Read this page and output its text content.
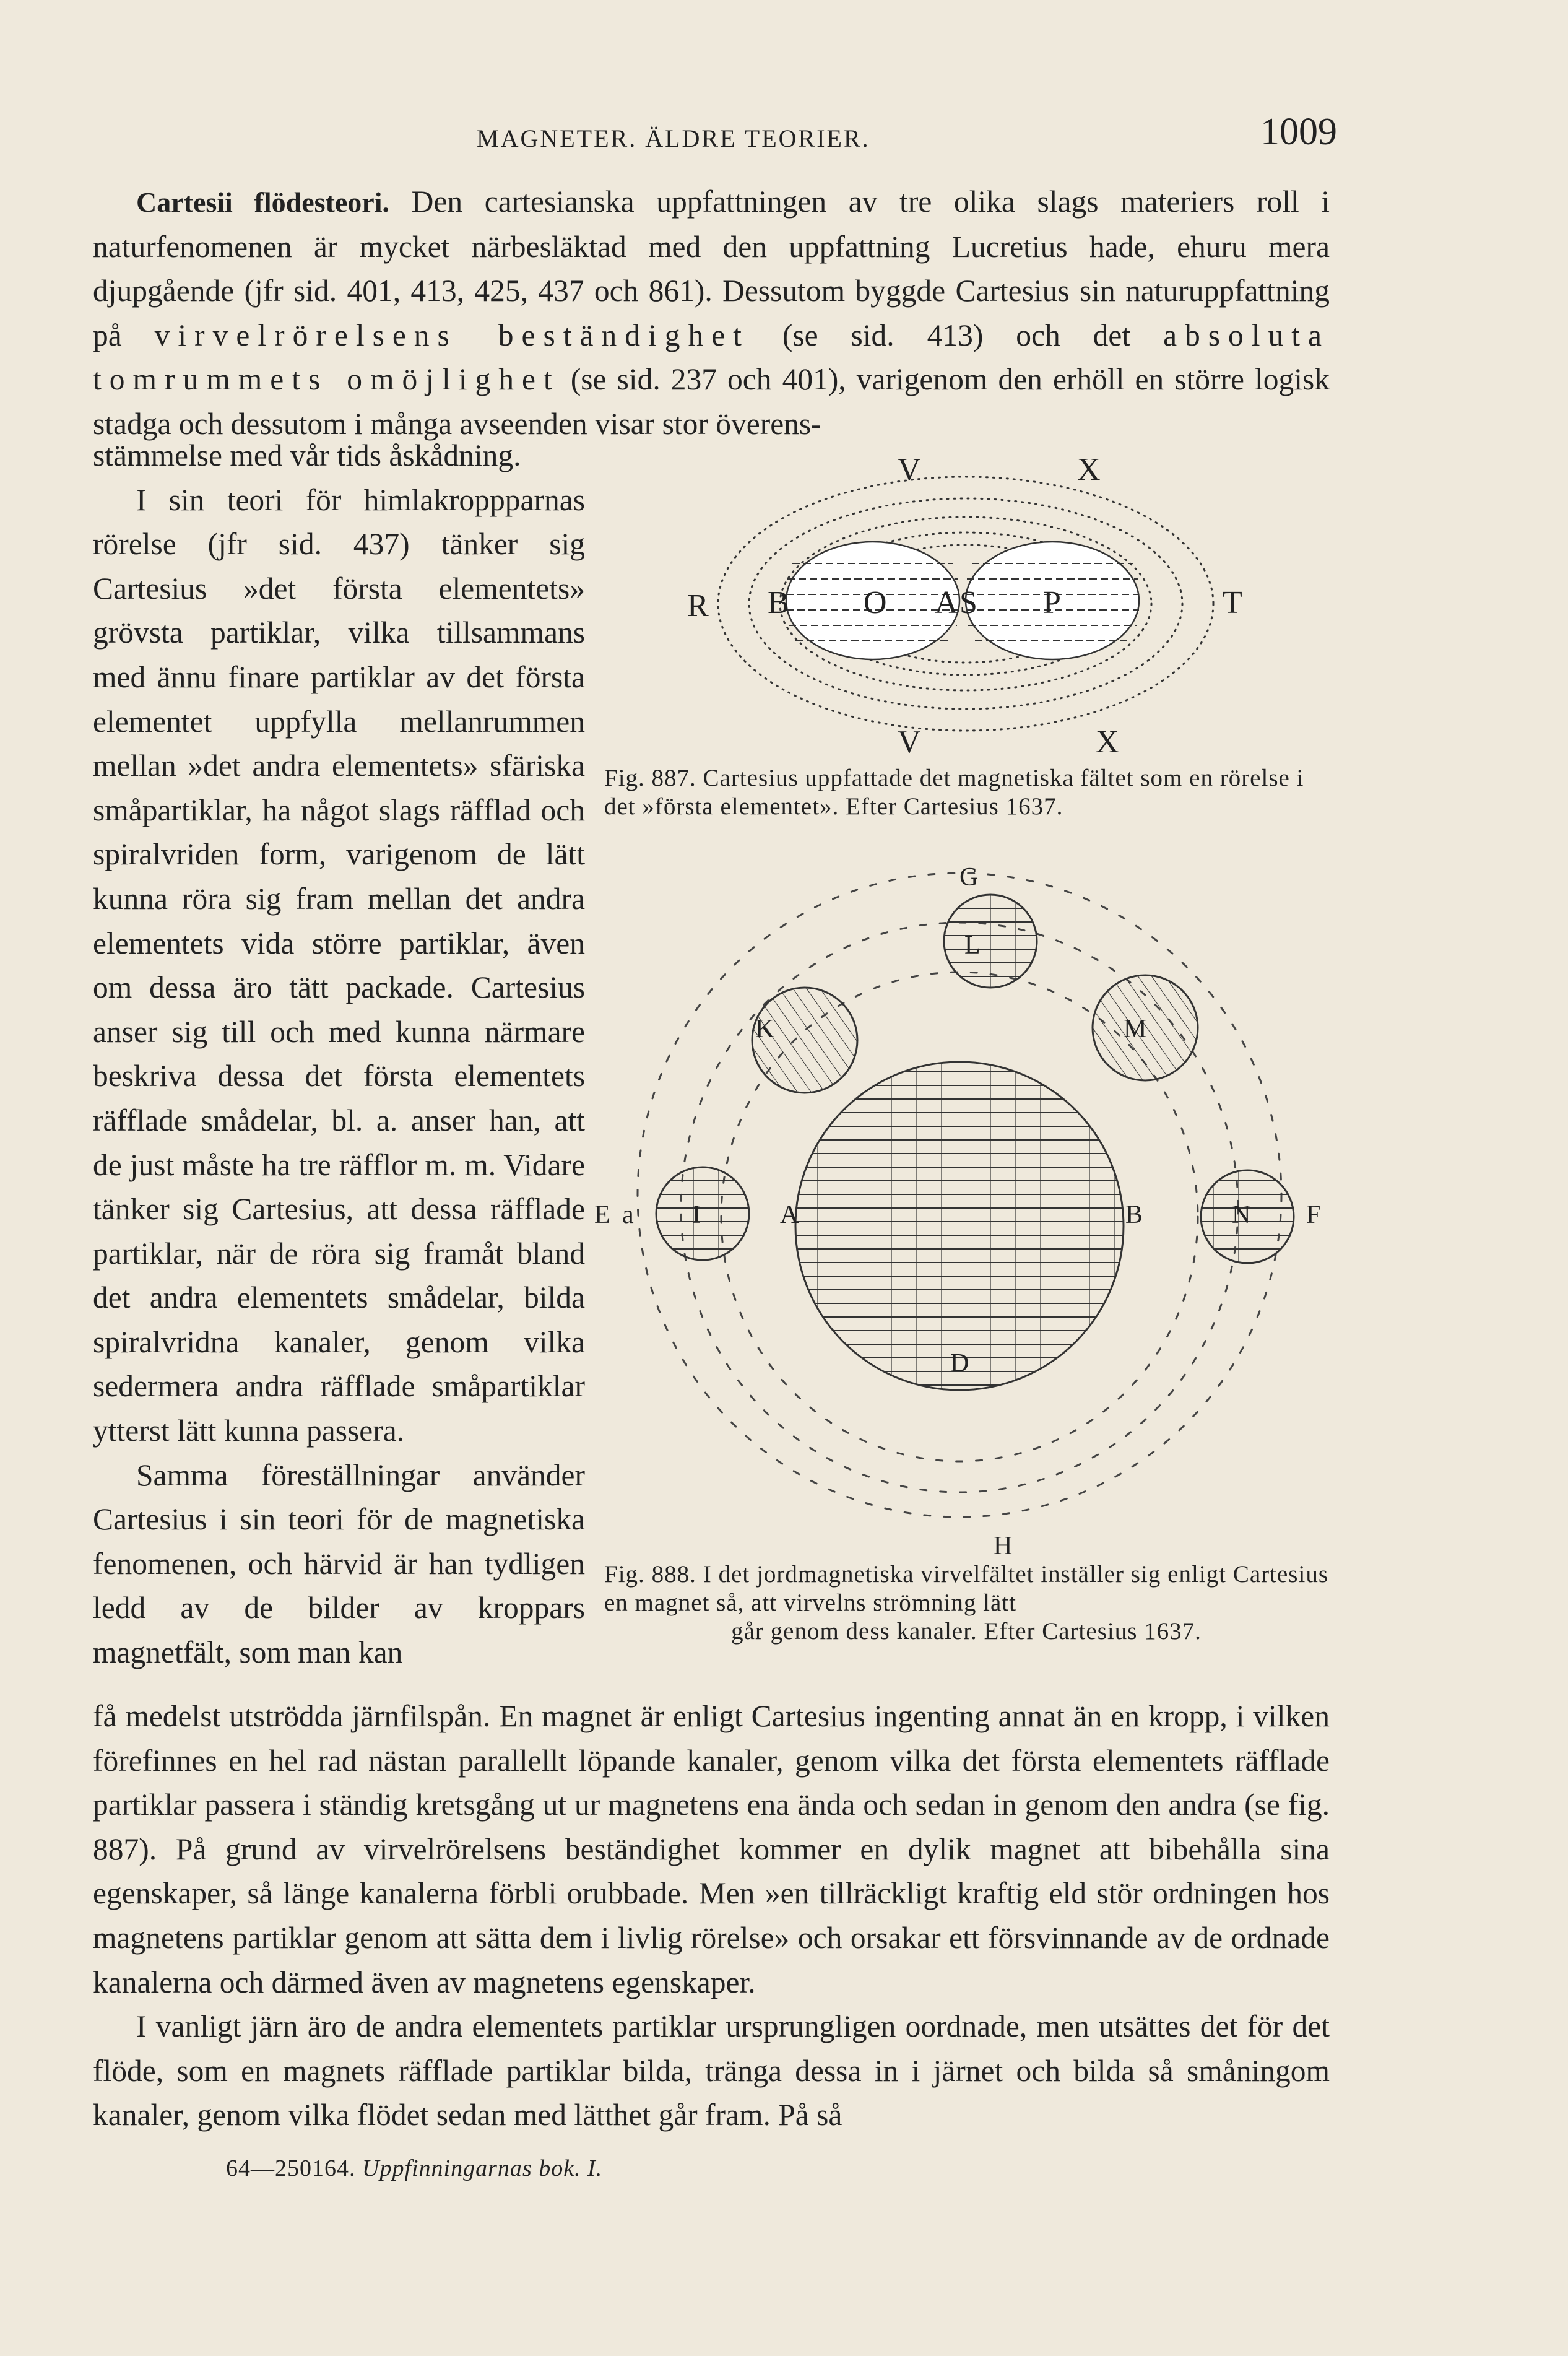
MAGNETER. ÄLDRE TEORIER.	1009

Cartesii flödesteori. Den cartesianska uppfattningen av tre olika slags materiers roll i naturfenomenen är mycket närbesläktad med den uppfattning Lucretius hade, ehuru mera djupgående (jfr sid. 401, 413, 425, 437 och 861). Dessutom byggde Cartesius sin naturuppfattning på virvelrörelsens beständighet (se sid. 413) och det absoluta tomrummets omöjlighet (se sid. 237 och 401), varigenom den erhöll en större logisk stadga och dessutom i många avseenden visar stor överens-

stämmelse med vår tids åskådning.

I sin teori för himlakroppparnas rörelse (jfr sid. 437) tänker sig Cartesius »det första elementets» grövsta partiklar, vilka tillsammans med ännu finare partiklar av det första elementet uppfylla mellanrummen mellan »det andra elementets» sfäriska småpartiklar, ha något slags räfflad och spiralvriden form, varigenom de lätt kunna röra sig fram mellan det andra elementets vida större partiklar, även om dessa äro tätt packade. Cartesius anser sig till och med kunna närmare beskriva dessa det första elementets räfflade smådelar, bl. a. anser han, att de just måste ha tre räfflor m. m. Vidare tänker sig Cartesius, att dessa räfflade partiklar, när de röra sig framåt bland det andra elementets smådelar, bilda spiralvridna kanaler, genom vilka sedermera andra räfflade småpartiklar ytterst lätt kunna passera.

Samma föreställningar använder Cartesius i sin teori för de magnetiska fenomenen, och härvid är han tydligen ledd av de bilder av kroppars magnetfält, som man kan

V	X
R B O A S P	T
V	X
Fig. 887. Cartesius uppfattade det magnetiska fältet som en rörelse i det »första elementet». Efter Cartesius 1637.
G
L
K	M
E a I	A	B	N F
D
H
Fig. 888. I det jordmagnetiska virvelfältet inställer sig enligt Cartesius en magnet så, att virvelns strömning lätt
går genom dess kanaler. Efter Cartesius 1637.

få medelst utströdda järnfilspån. En magnet är enligt Cartesius ingenting annat än en kropp, i vilken förefinnes en hel rad nästan parallellt löpande kanaler, genom vilka det första elementets räfflade partiklar passera i ständig kretsgång ut ur magnetens ena ända och sedan in genom den andra (se fig. 887). På grund av virvelrörelsens beständighet kommer en dylik magnet att bibehålla sina egenskaper, så länge kanalerna förbli orubbade. Men »en tillräckligt kraftig eld stör ordningen hos magnetens partiklar genom att sätta dem i livlig rörelse» och orsakar ett försvinnande av de ordnade kanalerna och därmed även av magnetens egenskaper.

I vanligt järn äro de andra elementets partiklar ursprungligen oordnade, men utsättes det för det flöde, som en magnets räfflade partiklar bilda, tränga dessa in i järnet och bilda så småningom kanaler, genom vilka flödet sedan med lätthet går fram. På så

64—250164. Uppfinningarnas bok. I.
